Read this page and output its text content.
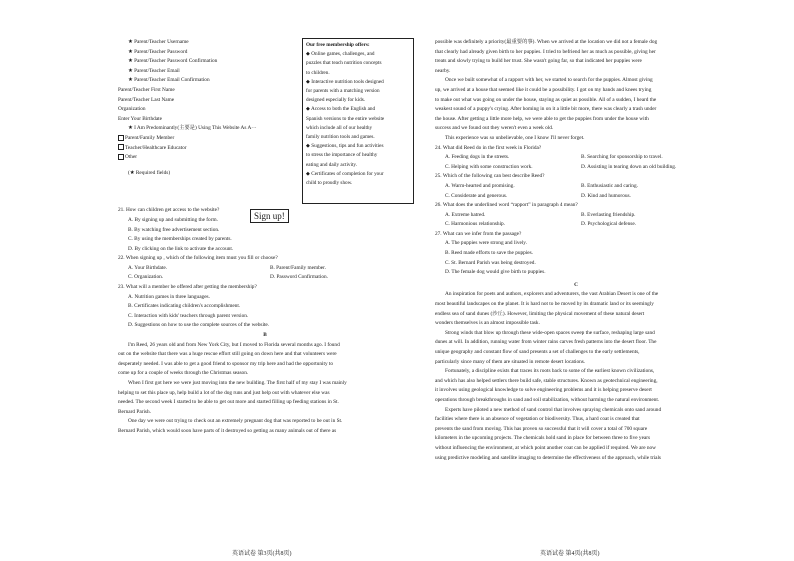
★ Parent/Teacher Username
★ Parent/Teacher Password
★ Parent/Teacher Password Confirmation
★ Parent/Teacher Email
★ Parent/Teacher Email Confirmation
Parent/Teacher First Name
Parent/Teacher Last Name
Organization
Enter Your Birthdate
★ I Am Predominantly(主要是) Using This Website As A···
Parent/Family Member
Teacher/Healthcare Educator
Other
(★ Required fields)
21. How can children get access to the website?
A. By signing up and submitting the form.
B. By watching free advertisement section.
C. By using the memberships created by parents.
D. By clicking on the link to activate the account.
22. When signing up , which of the following item must you fill or choose?
A. Your Birthdate.	B. Parent/Family member.
C. Organization.	D. Password Confirmation.
23. What will a member be offered after getting the membership?
A. Nutrition games in three languages.
B. Certificates indicating children's accomplishment.
C. Interaction with kids' teachers through parent version.
D. Suggestions on how to use the complete sources of the website.
B
I'm Reed, 26 years old and from New York City, but I moved to Florida several months ago. I found
out on the website that there was a huge rescue effort still going on down here and that volunteers were
desperately needed. I was able to get a good friend to sponsor my trip here and had the opportunity to
come up for a couple of weeks through the Christmas season.
When I first got here we were just moving into the new building. The first half of my stay I was mainly
helping to set this place up, help build a lot of the dog runs and just help out with whatever else was
needed. The second week I started to be able to get out more and started filling up feeding stations in St.
Bernard Parish.
One day we were out trying to check out an extremely pregnant dog that was reported to be out in St.
Bernard Parish, which would soon have parts of it destroyed so getting as many animals out of there as
Our free membership offers:
◆ Online games, challenges, and
puzzles that teach nutrition concepts
to children.
◆ Interactive nutrition tools designed
for parents with a matching version
designed especially for kids.
◆ Access to both the English and
Spanish versions to the entire website
which include all of our healthy
family nutrition tools and games.
◆ Suggestions, tips and fun activities
to stress the importance of healthy
eating and daily activity.
◆ Certificates of completion for your
child to proudly show.
Sign up!
possible was definitely a priority(最重要的事). When we arrived at the location we did not a female dog
that clearly had already given birth to her puppies. I tried to befriend her as much as possible, giving her
treats and slowly trying to build her trust. She wasn't going far, so that indicated her puppies were
nearby.
Once we built somewhat of a rapport with her, we started to search for the puppies. Almost giving
up, we arrived at a house that seemed like it could be a possibility. I got on my hands and knees trying
to make out what was going on under the house, staying as quiet as possible. All of a sudden, I heard the
weakest sound of a puppy's crying. After homing in on it a little bit more, there was clearly a trash under
the house. After getting a little more help, we were able to get the puppies from under the house with
success and we found out they weren't even a week old.
This experience was so unbelievable, one I know I'll never forget.
24. What did Reed do in the first week in Florida?
A. Feeding dogs in the streets.	B. Searching for sponsorship to travel.
C. Helping with some construction work.	D. Assisting in tearing down an old building.
25. Which of the following can best describe Reed?
A. Warm-hearted and promising.	B. Enthusiastic and caring.
C. Considerate and generous.	D. Kind and humorous.
26. What does the underlined word “rapport” in paragraph 4 mean?
A. Extreme hatred.	B. Everlasting friendship.
C. Harmonious relationship.	D. Psychological defense.
27. What can we infer from the passage?
A. The puppies were strong and lively.
B. Reed made efforts to save the puppies.
C. St. Bernard Parish was being destroyed.
D. The female dog would give birth to puppies.
C
An inspiration for poets and authors, explorers and adventurers, the vast Arabian Desert is one of the
most beautiful landscapes on the planet. It is hard not to be moved by its dramatic land or its seemingly
endless sea of sand dunes (沙丘). However, limiting the physical movement of these natural desert
wonders themselves is an almost impossible task.
Strong winds that blow up through these wide-open spaces sweep the surface, reshaping large sand
dunes at will. In addition, running water from winter rains carves fresh patterns into the desert floor. The
unique geography and constant flow of sand presents a set of challenges to the early settlements,
particularly since many of them are situated in remote desert locations.
Fortunately, a discipline exists that traces its roots back to some of the earliest known civilizations,
and which has also helped settlers there build safe, stable structures. Known as geotechnical engineering,
it involves using geological knowledge to solve engineering problems and it is helping preserve desert
operations through breakthroughs in sand and soil stabilization, without harming the natural environment.
Experts have piloted a new method of sand control that involves spraying chemicals onto sand around
facilities where there is an absence of vegetation or biodiversity. Thus, a hard coat is created that
prevents the sand from moving. This has proven so successful that it will cover a total of 700 square
kilometers in the upcoming projects. The chemicals hold sand in place for between three to five years
without influencing the environment, at which point another coat can be applied if required. We are now
using predictive modeling and satellite imaging to determine the effectiveness of the approach, while trials
英语试卷 第3页(共8页)	英语试卷 第4页(共8页)
